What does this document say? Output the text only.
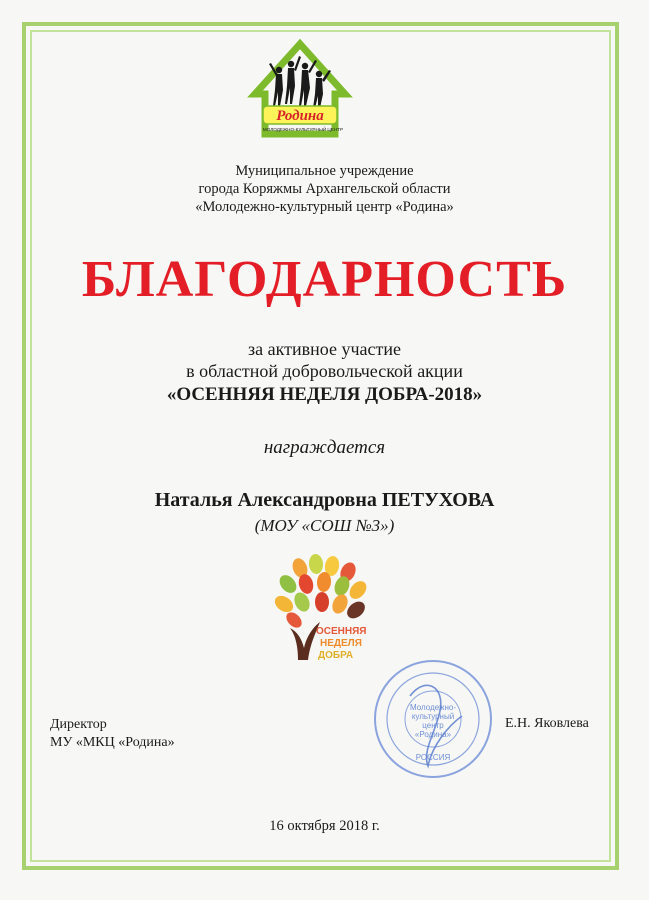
Родина
МОЛОДЕЖНО-КУЛЬТУРНЫЙ ЦЕНТР
Муниципальное учреждение
города Коряжмы Архангельской области
«Молодежно-культурный центр «Родина»
БЛАГОДАРНОСТЬ
за активное участие
в областной добровольческой акции
«ОСЕННЯЯ НЕДЕЛЯ ДОБРА-2018»
награждается
Наталья Александровна ПЕТУХОВА
(МОУ «СОШ №3»)
ОСЕННЯЯ
НЕДЕЛЯ
ДОБРА
Директор
МУ «МКЦ «Родина»
Молодежно-
культурный
центр
«Родина»
РОССИЯ
Е.Н. Яковлева
16 октября 2018 г.
